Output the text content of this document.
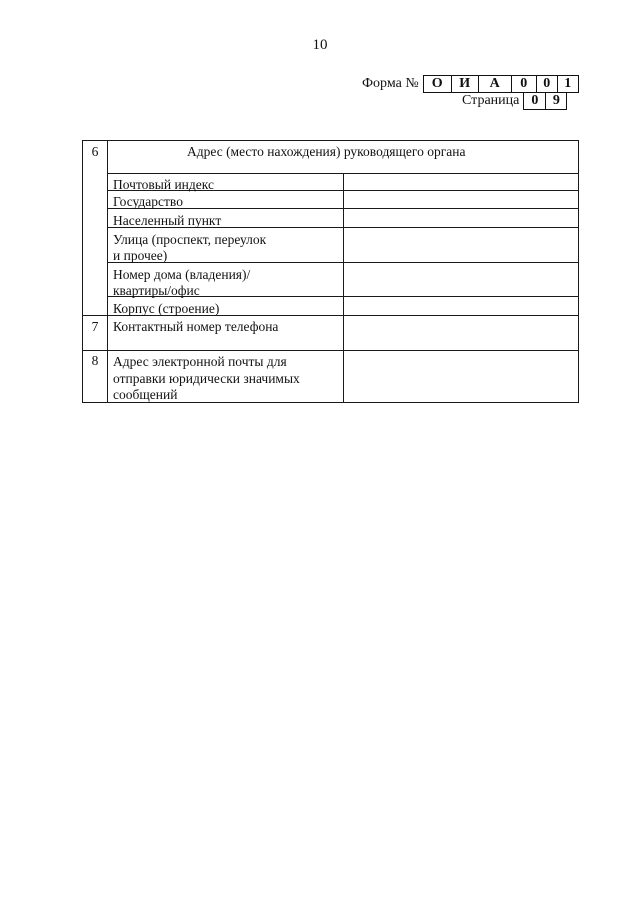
10
Форма № О	И	А	0	0	1
Страница 0	9
6	Адрес (место нахождения) руководящего органа
Почтовый индекс
Государство
Населенный пункт
Улица (проспект, переулок
и прочее)
Номер дома (владения)/
квартиры/офис
Корпус (строение)
7	Контактный номер телефона
8	Адрес электронной почты для
отправки юридически значимых
сообщений
